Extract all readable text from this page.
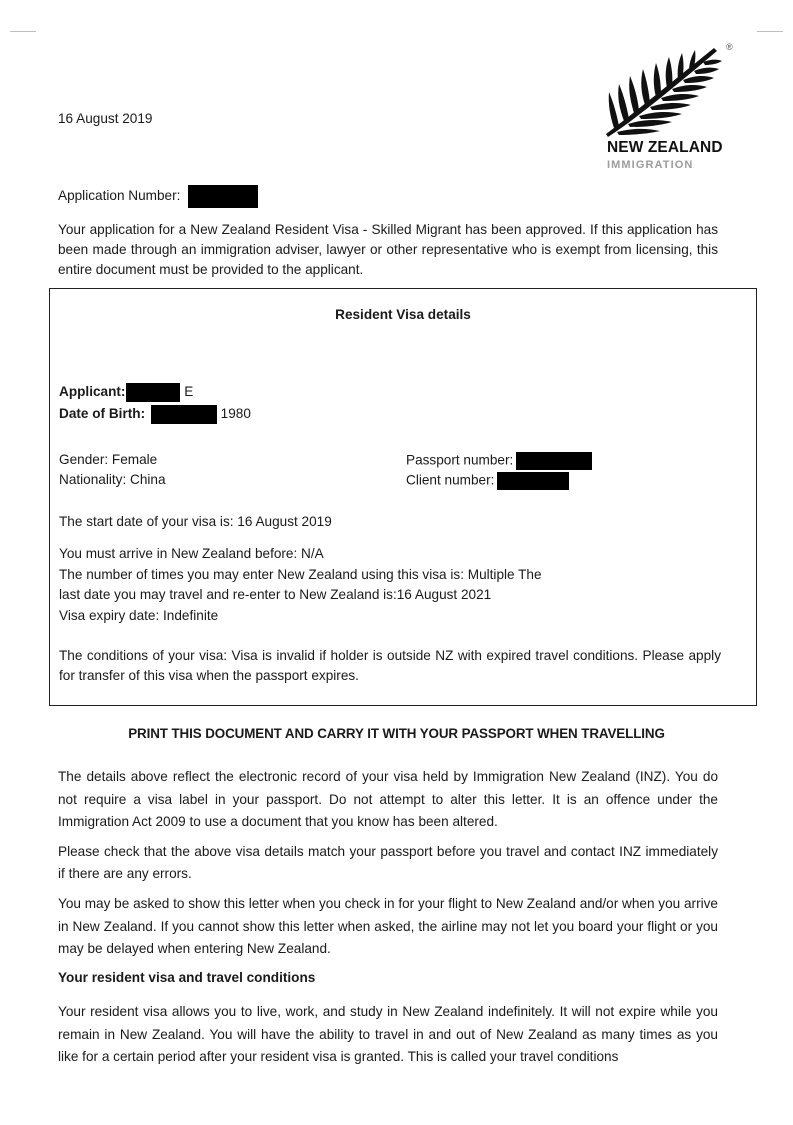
16 August 2019
®
NEW ZEALAND
IMMIGRATION
Application Number:
Your application for a New Zealand Resident Visa - Skilled Migrant has been approved. If this application has been made through an immigration adviser, lawyer or other representative who is exempt from licensing, this entire document must be provided to the applicant.
Resident Visa details
Applicant:	E
Date of Birth:	1980
Gender: Female
Nationality: China
Passport number:
Client number:
The start date of your visa is: 16 August 2019
You must arrive in New Zealand before: N/A
The number of times you may enter New Zealand using this visa is: Multiple The
last date you may travel and re-enter to New Zealand is:16 August 2021
Visa expiry date: Indefinite
The conditions of your visa: Visa is invalid if holder is outside NZ with expired travel conditions. Please apply for transfer of this visa when the passport expires.
PRINT THIS DOCUMENT AND CARRY IT WITH YOUR PASSPORT WHEN TRAVELLING
The details above reflect the electronic record of your visa held by Immigration New Zealand (INZ). You do not require a visa label in your passport. Do not attempt to alter this letter. It is an offence under the Immigration Act 2009 to use a document that you know has been altered.
Please check that the above visa details match your passport before you travel and contact INZ immediately if there are any errors.
You may be asked to show this letter when you check in for your flight to New Zealand and/or when you arrive in New Zealand. If you cannot show this letter when asked, the airline may not let you board your flight or you may be delayed when entering New Zealand.
Your resident visa and travel conditions
Your resident visa allows you to live, work, and study in New Zealand indefinitely. It will not expire while you remain in New Zealand. You will have the ability to travel in and out of New Zealand as many times as you like for a certain period after your resident visa is granted. This is called your travel conditions
